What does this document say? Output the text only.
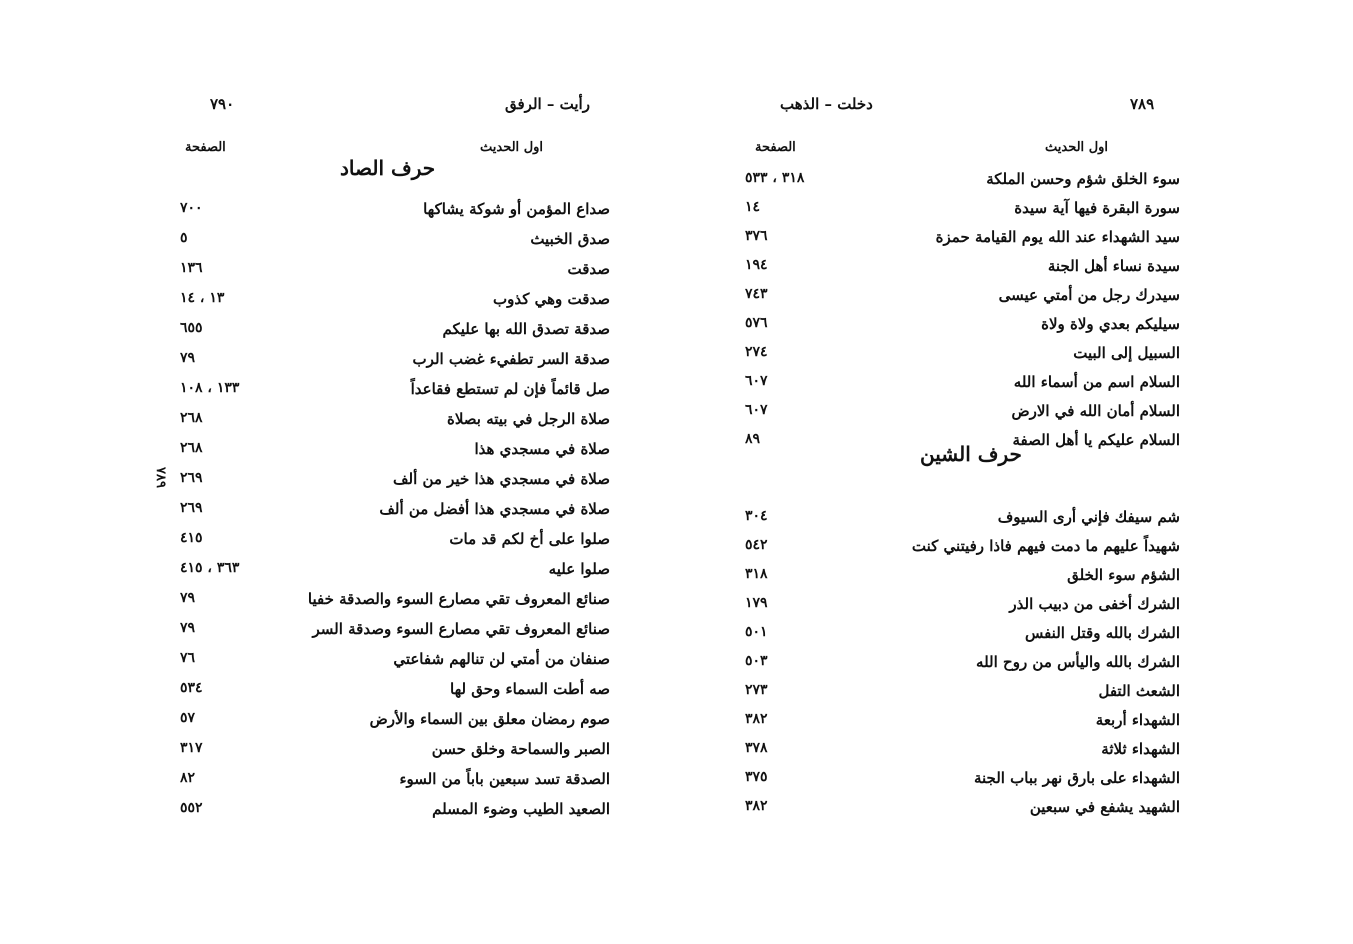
٧٩٠	رأيت – الرفق
اول الحديث
الصفحة
حرف الصاد
صداع المؤمن أو شوكة يشاكها
٧٠٠
صدق الخبيث
٥
صدقت
١٣٦
صدقت وهي كذوب
١٣ ، ١٤
صدقة تصدق الله بها عليكم
٦٥٥
صدقة السر تطفيء غضب الرب
٧٩
صل قائماً فإن لم تستطع فقاعداً
١٣٣ ، ١٠٨
صلاة الرجل في بيته بصلاة
٢٦٨
صلاة في مسجدي هذا
٢٦٨
صلاة في مسجدي هذا خير من ألف
٢٦٩
صلاة في مسجدي هذا أفضل من ألف
٢٦٩
صلوا على أخ لكم قد مات
٤١٥
صلوا عليه
٣٦٣ ، ٤١٥
صنائع المعروف تقي مصارع السوء والصدقة خفيا
٧٩
صنائع المعروف تقي مصارع السوء وصدقة السر
٧٩
صنفان من أمتي لن تنالهم شفاعتي
٧٦
صه أطت السماء وحق لها
٥٣٤
صوم رمضان معلق بين السماء والأرض
٥٧
الصبر والسماحة وخلق حسن
٣١٧
الصدقة تسد سبعين باباً من السوء
٨٢
الصعيد الطيب وضوء المسلم
٥٥٢
٧٨٩
دخلت – الذهب
اول الحديث
الصفحة
حرف الشين
سوء الخلق شؤم وحسن الملكة
٣١٨ ، ٥٣٣
سورة البقرة فيها آية سيدة
١٤
سيد الشهداء عند الله يوم القيامة حمزة
٣٧٦
سيدة نساء أهل الجنة
١٩٤
سيدرك رجل من أمتي عيسى
٧٤٣
سيليكم بعدي ولاة ولاة
٥٧٦
السبيل إلى البيت
٢٧٤
السلام اسم من أسماء الله
٦٠٧
السلام أمان الله في الارض
٦٠٧
السلام عليكم يا أهل الصفة
٨٩
شم سيفك فإني أرى السيوف
٣٠٤
شهيداً عليهم ما دمت فيهم فاذا رفيتني كنت
٥٤٢
الشؤم سوء الخلق
٣١٨
الشرك أخفى من دبيب الذر
١٧٩
الشرك بالله وقتل النفس
٥٠١
الشرك بالله واليأس من روح الله
٥٠٣
الشعث التفل
٢٧٣
الشهداء أربعة
٣٨٢
الشهداء ثلاثة
٣٧٨
الشهداء على بارق نهر بباب الجنة
٣٧٥
الشهيد يشفع في سبعين
٣٨٢
٧٨٩
